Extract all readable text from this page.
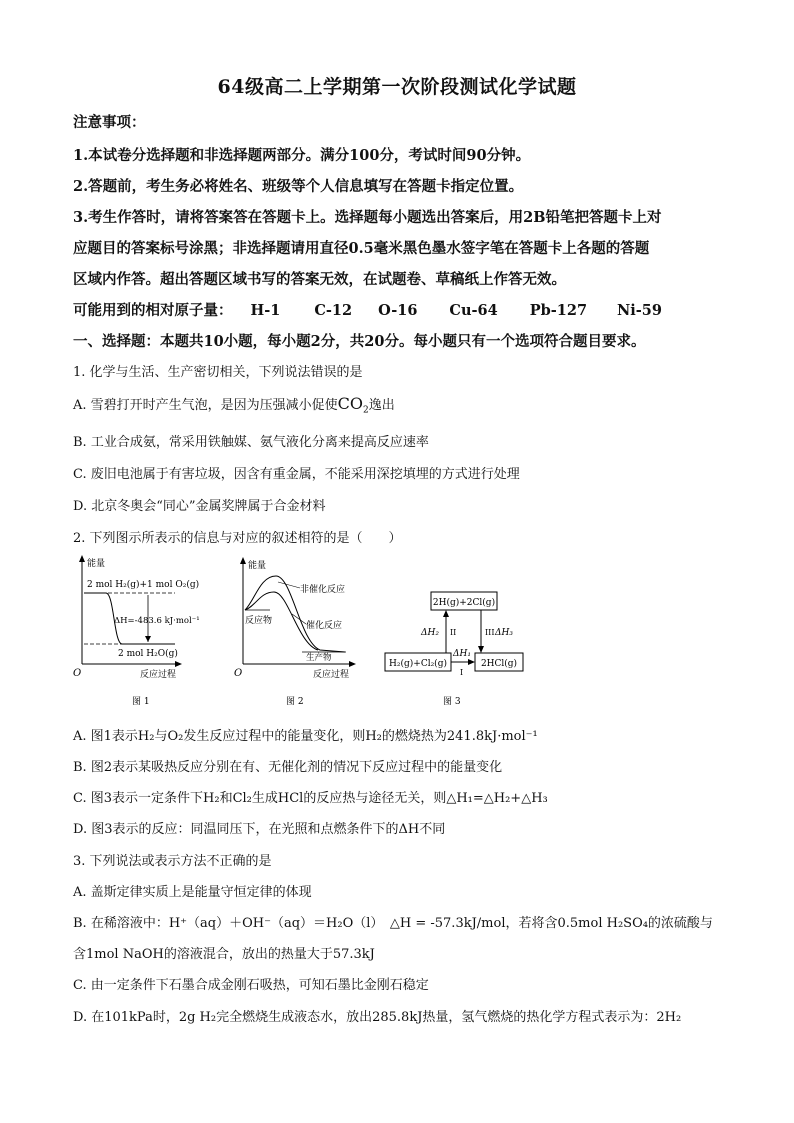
64级高二上学期第一次阶段测试化学试题
注意事项：
1.本试卷分选择题和非选择题两部分。满分100分，考试时间90分钟。
2.答题前，考生务必将姓名、班级等个人信息填写在答题卡指定位置。
3.考生作答时，请将答案答在答题卡上。选择题每小题选出答案后，用2B铅笔把答题卡上对
应题目的答案标号涂黑；非选择题请用直径0.5毫米黑色墨水签字笔在答题卡上各题的答题
区域内作答。超出答题区域书写的答案无效，在试题卷、草稿纸上作答无效。
可能用到的相对原子量： H-1 C-12 O-16 Cu-64 Pb-127 Ni-59
一、选择题：本题共10小题，每小题2分，共20分。每小题只有一个选项符合题目要求。
1. 化学与生活、生产密切相关，下列说法错误的是
A. 雪碧打开时产生气泡，是因为压强减小促使$CO_2$逸出
B. 工业合成氨，常采用铁触媒、氨气液化分离来提高反应速率
C. 废旧电池属于有害垃圾，因含有重金属，不能采用深挖填埋的方式进行处理
D. 北京冬奥会“同心”金属奖牌属于合金材料
2. 下列图示所表示的信息与对应的叙述相符的是（　　）
能量
2 mol H₂(g)+1 mol O₂(g)
ΔH=-483.6 kJ·mol⁻¹
2 mol H₂O(g)
O	反应过程
图 1
能量
非催化反应
催化反应
反应物
生产物
O	反应过程
图 2
2H(g)+2Cl(g)
H₂(g)+Cl₂(g)	2HCl(g)
ΔH₂ II	III ΔH₃
ΔH₁
I
图 3
A. 图1表示H₂与O₂发生反应过程中的能量变化，则H₂的燃烧热为241.8kJ·mol⁻¹
B. 图2表示某吸热反应分别在有、无催化剂的情况下反应过程中的能量变化
C. 图3表示一定条件下H₂和Cl₂生成HCl的反应热与途径无关，则△H₁=△H₂+△H₃
D. 图3表示的反应：同温同压下，在光照和点燃条件下的ΔH不同
3. 下列说法或表示方法不正确的是
A. 盖斯定律实质上是能量守恒定律的体现
B. 在稀溶液中：H⁺（aq）＋OH⁻（aq）＝H₂O（l）　△H = -57.3kJ/mol，若将含0.5mol H₂SO₄的浓硫酸与
含1mol NaOH的溶液混合，放出的热量大于57.3kJ
C. 由一定条件下石墨合成金刚石吸热，可知石墨比金刚石稳定
D. 在101kPa时，2g H₂完全燃烧生成液态水，放出285.8kJ热量，氢气燃烧的热化学方程式表示为：2H₂
